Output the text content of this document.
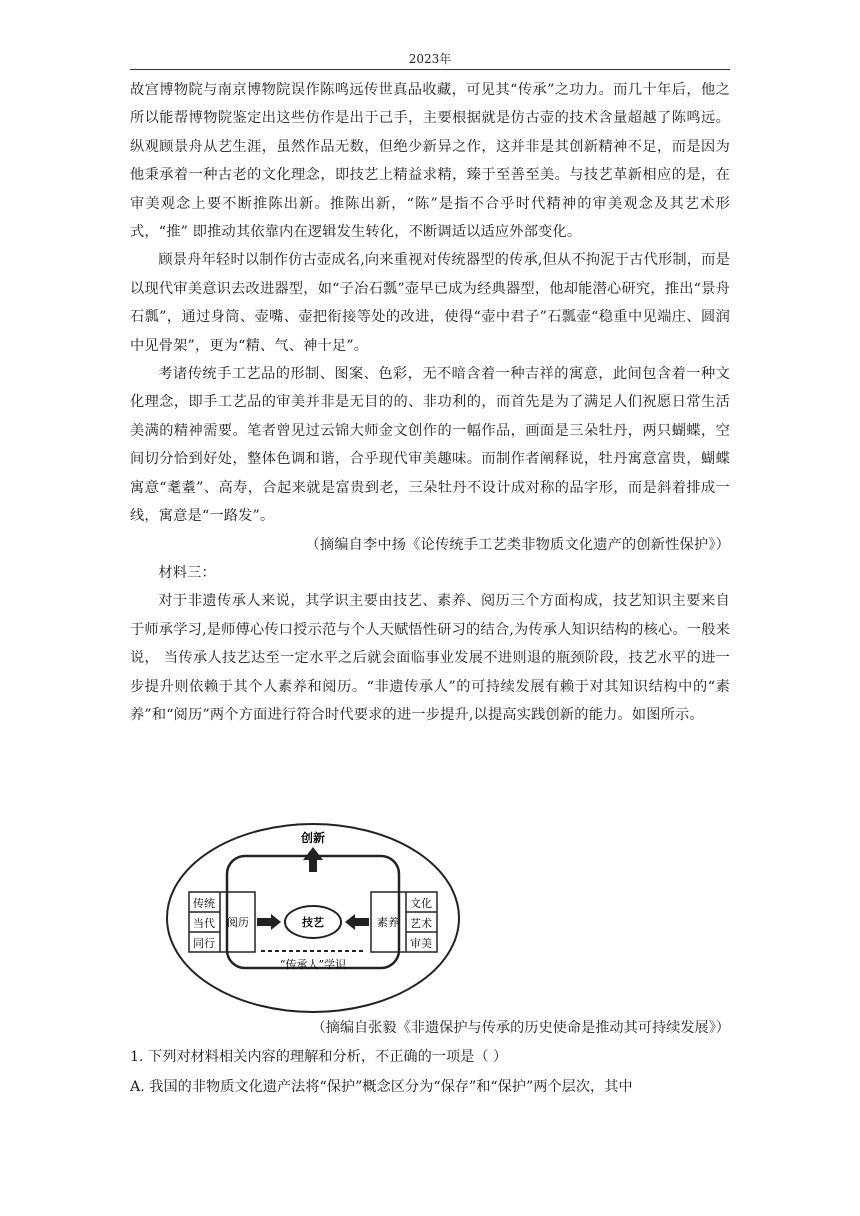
2023年

故宫博物院与南京博物院误作陈鸣远传世真品收藏，可见其“传承”之功力。而几十年后，他之所以能帮博物院鉴定出这些仿作是出于己手，主要根据就是仿古壶的技术含量超越了陈鸣远。纵观顾景舟从艺生涯，虽然作品无数，但绝少新异之作，这并非是其创新精神不足，而是因为他秉承着一种古老的文化理念，即技艺上精益求精，臻于至善至美。与技艺革新相应的是，在审美观念上要不断推陈出新。推陈出新，“陈”是指不合乎时代精神的审美观念及其艺术形式，“推” 即推动其依靠内在逻辑发生转化，不断调适以适应外部变化。

顾景舟年轻时以制作仿古壶成名,向来重视对传统器型的传承,但从不拘泥于古代形制，而是以现代审美意识去改进器型，如“子冶石瓢”壶早已成为经典器型，他却能潜心研究，推出“景舟石瓢”，通过身筒、壶嘴、壶把衔接等处的改进，使得“壶中君子”石瓢壶“稳重中见端庄、圆润中见骨架”，更为“精、气、神十足”。

考诸传统手工艺品的形制、图案、色彩，无不暗含着一种吉祥的寓意，此间包含着一种文化理念，即手工艺品的审美并非是无目的的、非功利的，而首先是为了满足人们祝愿日常生活美满的精神需要。笔者曾见过云锦大师金文创作的一幅作品，画面是三朵牡丹，两只蝴蝶，空间切分恰到好处，整体色调和谐，合乎现代审美趣味。而制作者阐释说，牡丹寓意富贵，蝴蝶寓意“耄耋”、高寿，合起来就是富贵到老，三朵牡丹不设计成对称的品字形，而是斜着排成一线，寓意是“一路发”。

（摘编自李中扬《论传统手工艺类非物质文化遗产的创新性保护》）

材料三：

对于非遗传承人来说，其学识主要由技艺、素养、阅历三个方面构成，技艺知识主要来自于师承学习,是师傅心传口授示范与个人天赋悟性研习的结合,为传承人知识结构的核心。一般来说， 当传承人技艺达至一定水平之后就会面临事业发展不进则退的瓶颈阶段，技艺水平的进一步提升则依赖于其个人素养和阅历。“非遗传承人”的可持续发展有赖于对其知识结构中的“素养”和“阅历”两个方面进行符合时代要求的进一步提升,以提高实践创新的能力。如图所示。

创新
传统
当代
同行
阅历	技艺	素养
文化
艺术
审美
“传承人”学识
（摘编自张毅《非遗保护与传承的历史使命是推动其可持续发展》）

1. 下列对材料相关内容的理解和分析，不正确的一项是（ ）

A. 我国的非物质文化遗产法将“保护”概念区分为“保存”和“保护”两个层次，其中
